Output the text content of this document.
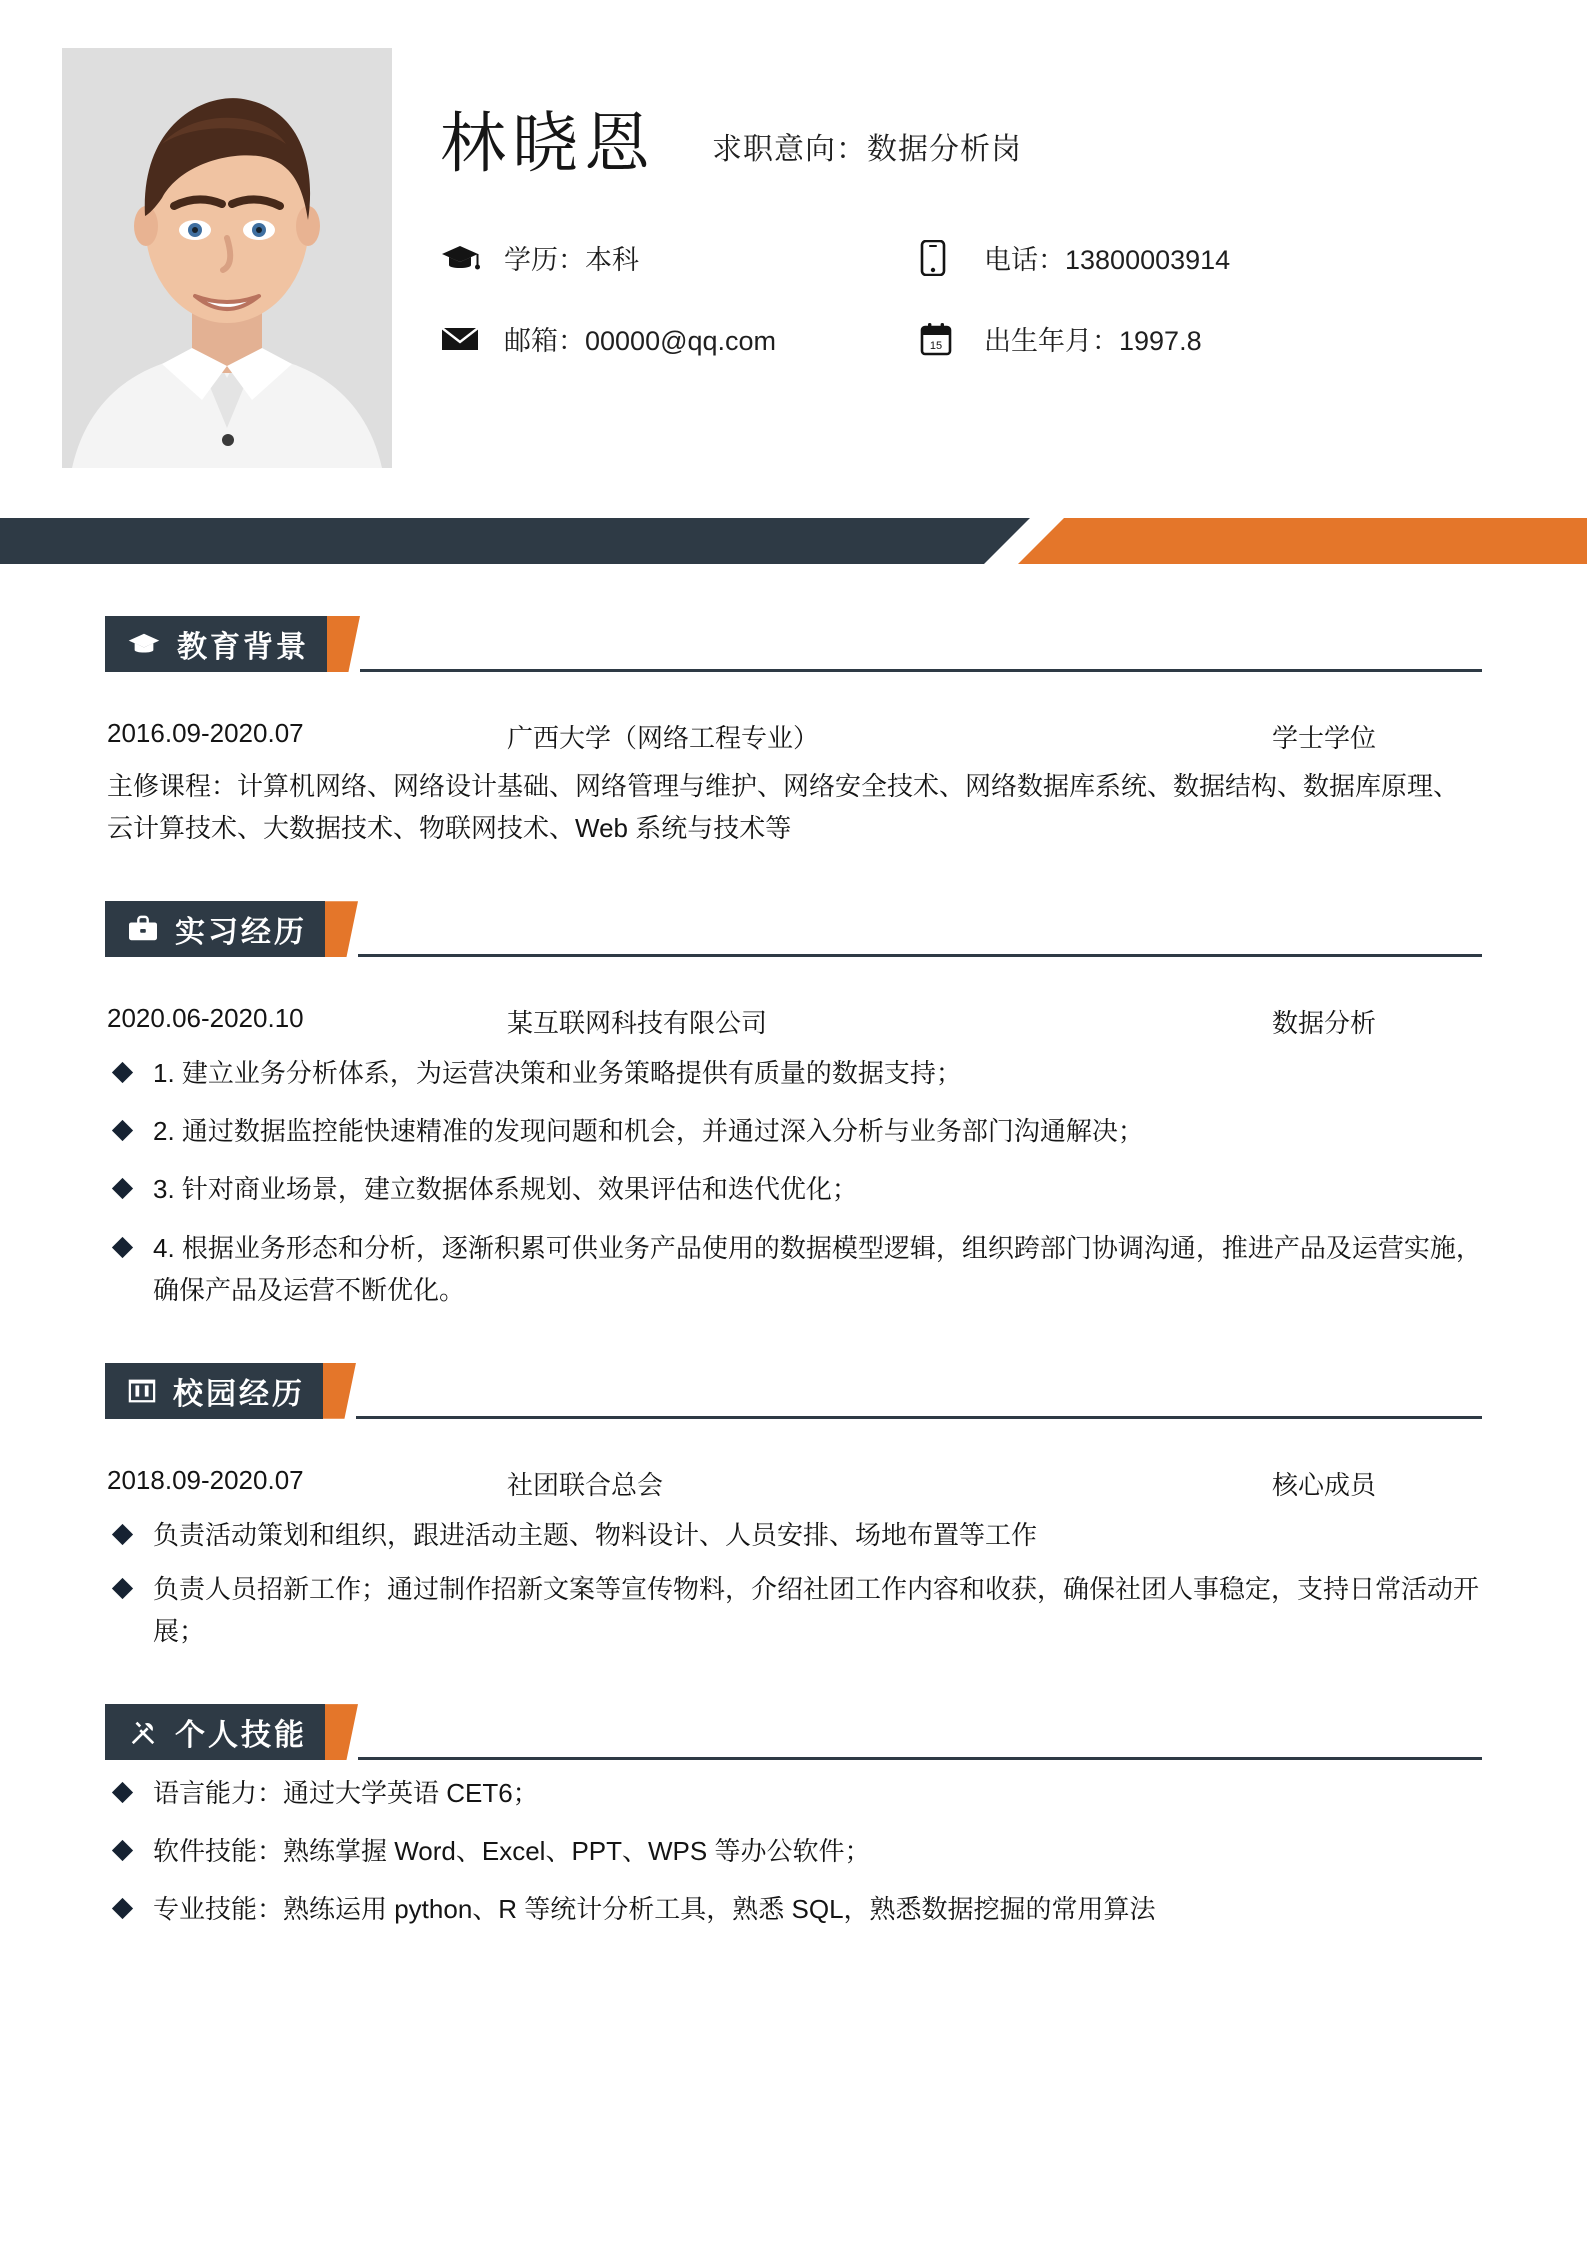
林晓恩 求职意向：数据分析岗
学历：本科	电话：13800003914
邮箱：00000@qq.com	15 出生年月：1997.8
教育背景
2016.09-2020.07	广西大学（网络工程专业）	学士学位
主修课程：计算机网络、网络设计基础、网络管理与维护、网络安全技术、网络数据库系统、数据结构、数据库原理、云计算技术、大数据技术、物联网技术、Web 系统与技术等
实习经历
2020.06-2020.10	某互联网科技有限公司	数据分析
1. 建立业务分析体系，为运营决策和业务策略提供有质量的数据支持；
2. 通过数据监控能快速精准的发现问题和机会，并通过深入分析与业务部门沟通解决；
3. 针对商业场景，建立数据体系规划、效果评估和迭代优化；
4. 根据业务形态和分析，逐渐积累可供业务产品使用的数据模型逻辑，组织跨部门协调沟通，推进产品及运营实施，确保产品及运营不断优化。
校园经历
2018.09-2020.07	社团联合总会	核心成员
负责活动策划和组织，跟进活动主题、物料设计、人员安排、场地布置等工作
负责人员招新工作；通过制作招新文案等宣传物料，介绍社团工作内容和收获，确保社团人事稳定，支持日常活动开展；
个人技能
语言能力：通过大学英语 CET6；
软件技能：熟练掌握 Word、Excel、PPT、WPS 等办公软件；
专业技能：熟练运用 python、R 等统计分析工具，熟悉 SQL，熟悉数据挖掘的常用算法
